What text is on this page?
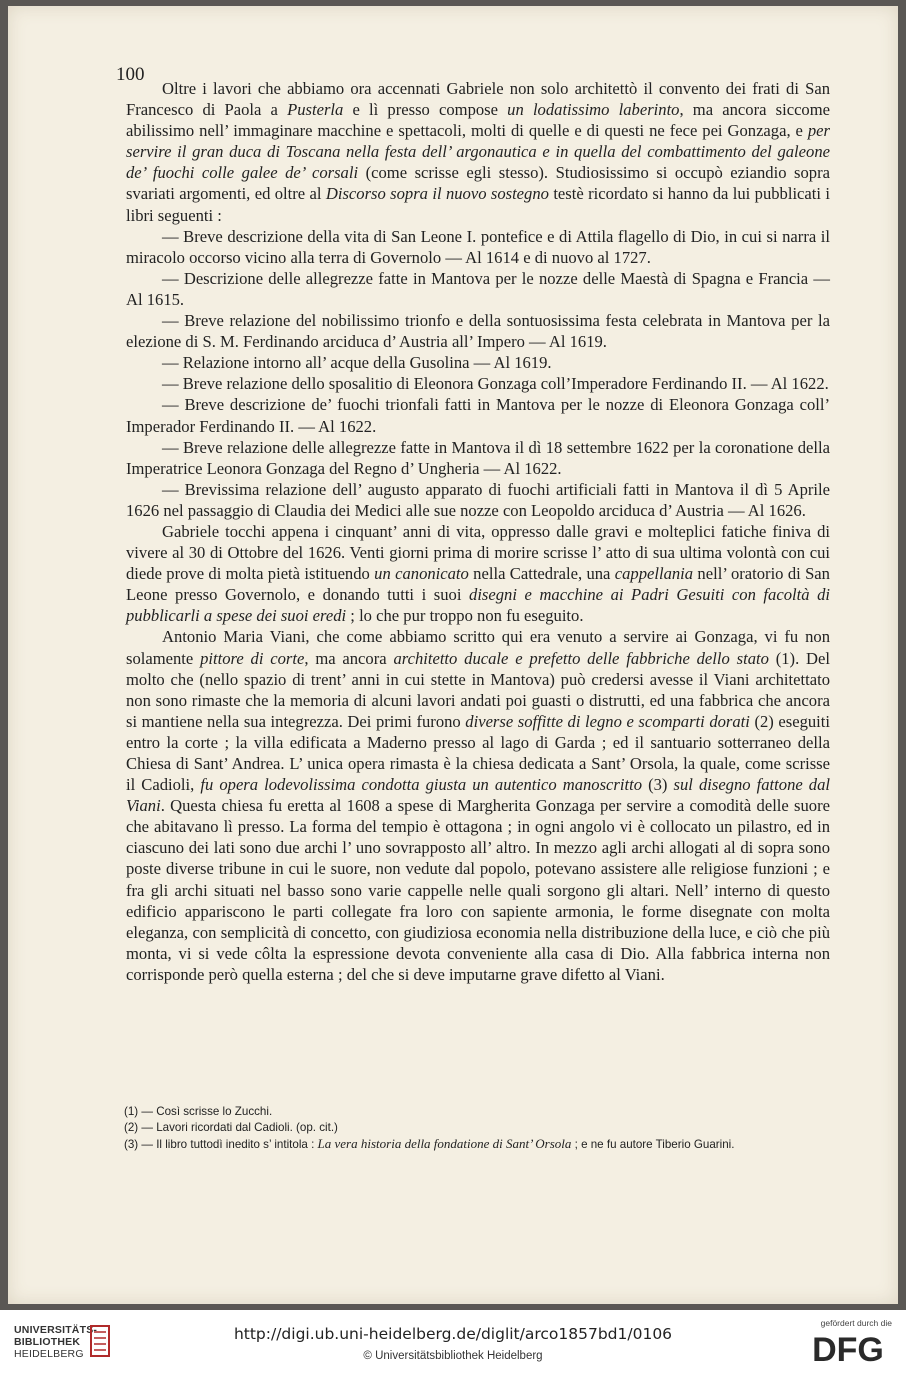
100

Oltre i lavori che abbiamo ora accennati Gabriele non solo architettò il convento dei frati di San Francesco di Paola a Pusterla e lì presso compose un lodatissimo laberinto, ma ancora siccome abilissimo nell’ immaginare macchine e spettacoli, molti di quelle e di questi ne fece pei Gonzaga, e per servire il gran duca di Toscana nella festa dell’ argonautica e in quella del combattimento del galeone de’ fuochi colle galee de’ corsali (come scrisse egli stesso). Studiosissimo si occupò eziandio sopra svariati argomenti, ed oltre al Discorso sopra il nuovo sostegno testè ricordato si hanno da lui pubblicati i libri seguenti :

— Breve descrizione della vita di San Leone I. pontefice e di Attila flagello di Dio, in cui si narra il miracolo occorso vicino alla terra di Governolo — Al 1614 e di nuovo al 1727.

— Descrizione delle allegrezze fatte in Mantova per le nozze delle Maestà di Spagna e Francia — Al 1615.

— Breve relazione del nobilissimo trionfo e della sontuosissima festa celebrata in Mantova per la elezione di S. M. Ferdinando arciduca d’ Austria all’ Impero — Al 1619.

— Relazione intorno all’ acque della Gusolina — Al 1619.

— Breve relazione dello sposalitio di Eleonora Gonzaga coll’Imperadore Ferdinando II. — Al 1622.

— Breve descrizione de’ fuochi trionfali fatti in Mantova per le nozze di Eleonora Gonzaga coll’ Imperador Ferdinando II. — Al 1622.

— Breve relazione delle allegrezze fatte in Mantova il dì 18 settembre 1622 per la coronatione della Imperatrice Leonora Gonzaga del Regno d’ Ungheria — Al 1622.

— Brevissima relazione dell’ augusto apparato di fuochi artificiali fatti in Mantova il dì 5 Aprile 1626 nel passaggio di Claudia dei Medici alle sue nozze con Leopoldo arciduca d’ Austria — Al 1626.

Gabriele tocchi appena i cinquant’ anni di vita, oppresso dalle gravi e molteplici fatiche finiva di vivere al 30 di Ottobre del 1626. Venti giorni prima di morire scrisse l’ atto di sua ultima volontà con cui diede prove di molta pietà istituendo un canonicato nella Cattedrale, una cappellania nell’ oratorio di San Leone presso Governolo, e donando tutti i suoi disegni e macchine ai Padri Gesuiti con facoltà di pubblicarli a spese dei suoi eredi ; lo che pur troppo non fu eseguito.

Antonio Maria Viani, che come abbiamo scritto qui era venuto a servire ai Gonzaga, vi fu non solamente pittore di corte, ma ancora architetto ducale e prefetto delle fabbriche dello stato (1). Del molto che (nello spazio di trent’ anni in cui stette in Mantova) può credersi avesse il Viani architettato non sono rimaste che la memoria di alcuni lavori andati poi guasti o distrutti, ed una fabbrica che ancora si mantiene nella sua integrezza. Dei primi furono diverse soffitte di legno e scomparti dorati (2) eseguiti entro la corte ; la villa edificata a Maderno presso al lago di Garda ; ed il santuario sotterraneo della Chiesa di Sant’ Andrea. L’ unica opera rimasta è la chiesa dedicata a Sant’ Orsola, la quale, come scrisse il Cadioli, fu opera lodevolissima condotta giusta un autentico manoscritto (3) sul disegno fattone dal Viani. Questa chiesa fu eretta al 1608 a spese di Margherita Gonzaga per servire a comodità delle suore che abitavano lì presso. La forma del tempio è ottagona ; in ogni angolo vi è collocato un pilastro, ed in ciascuno dei lati sono due archi l’ uno sovrapposto all’ altro. In mezzo agli archi allogati al di sopra sono poste diverse tribune in cui le suore, non vedute dal popolo, potevano assistere alle religiose funzioni ; e fra gli archi situati nel basso sono varie cappelle nelle quali sorgono gli altari. Nell’ interno di questo edificio appariscono le parti collegate fra loro con sapiente armonia, le forme disegnate con molta eleganza, con semplicità di concetto, con giudiziosa economia nella distribuzione della luce, e ciò che più monta, vi si vede côlta la espressione devota conveniente alla casa di Dio. Alla fabbrica interna non corrisponde però quella esterna ; del che si deve imputarne grave difetto al Viani.

(1) — Così scrisse lo Zucchi.

(2) — Lavori ricordati dal Cadioli. (op. cit.)

(3) — Il libro tuttodì inedito s’ intitola : La vera historia della fondatione di Sant’ Orsola ; e ne fu autore Tiberio Guarini.

UNIVERSITÄTS-
BIBLIOTHEK
HEIDELBERG
http://digi.ub.uni-heidelberg.de/diglit/arco1857bd1/0106
© Universitätsbibliothek Heidelberg
gefördert durch die
DFG
